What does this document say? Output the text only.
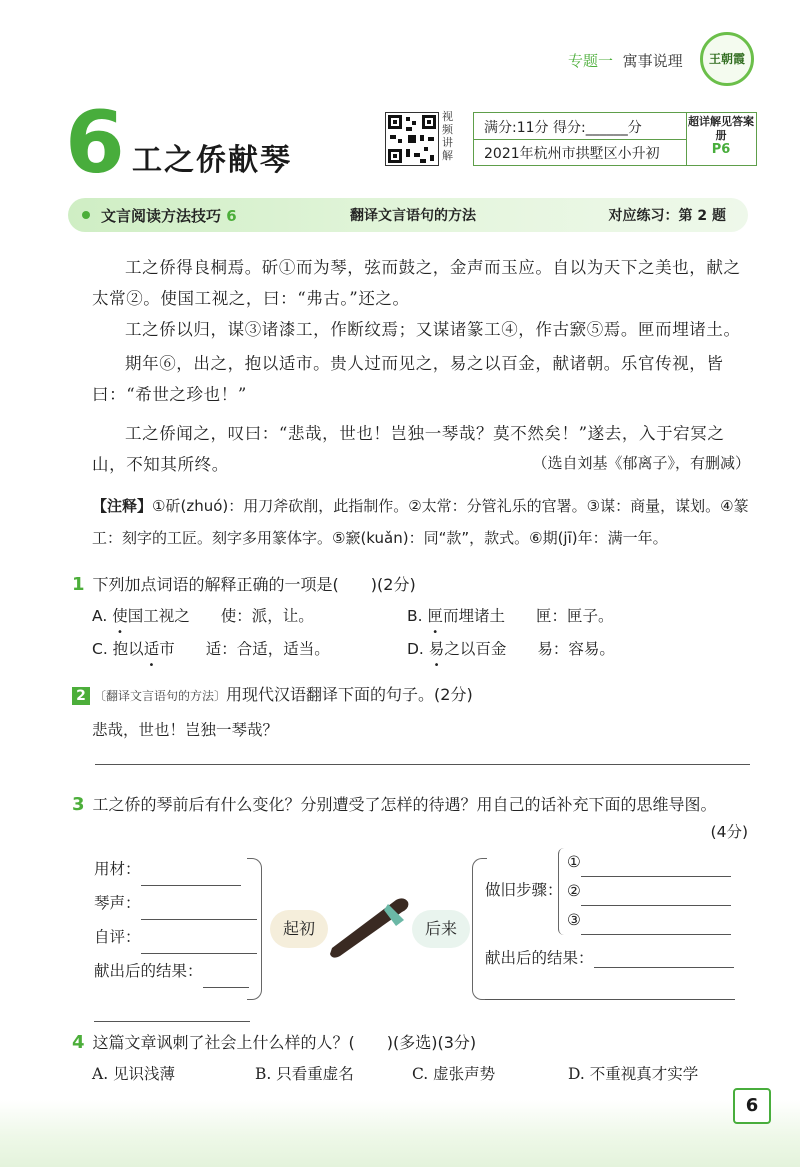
专题一 寓事说理	王朝霞
6 工之侨献琴
视频讲解
满分:11分 得分:______分
2021年杭州市拱墅区小升初
超详解见答案册
P6
文言阅读方法技巧 6	翻译文言语句的方法	对应练习：第 2 题
工之侨得良桐焉。斫①而为琴，弦而鼓之，金声而玉应。自以为天下之美也，献之太常②。使国工视之，曰：“弗古。”还之。
工之侨以归，谋③诸漆工，作断纹焉；又谋诸篆工④，作古窾⑤焉。匣而埋诸土。
期年⑥，出之，抱以适市。贵人过而见之，易之以百金，献诸朝。乐官传视，皆曰：“希世之珍也！”
工之侨闻之，叹曰：“悲哉，世也！岂独一琴哉？莫不然矣！”遂去，入于宕冥之山，不知其所终。	（选自刘基《郁离子》，有删减）
【注释】①斫(zhuó)：用刀斧砍削，此指制作。②太常：分管礼乐的官署。③谋：商量，谋划。④篆工：刻字的工匠。刻字多用篆体字。⑤窾(kuǎn)：同“款”，款式。⑥期(jī)年：满一年。
1 下列加点词语的解释正确的一项是(　　)(2分)
A. 使国工视之　　使：派，让。	B. 匣而埋诸土　　匣：匣子。
C. 抱以适市　　适：合适，适当。	D. 易之以百金　　易：容易。
2 〔翻译文言语句的方法〕用现代汉语翻译下面的句子。(2分)
悲哉，世也！岂独一琴哉？
3 工之侨的琴前后有什么变化？分别遭受了怎样的待遇？用自己的话补充下面的思维导图。
(4分)
用材：
琴声：
自评：
献出后的结果：
起初	后来
做旧步骤：
①
②
③
献出后的结果：
4 这篇文章讽刺了社会上什么样的人？(　　)(多选)(3分)
A. 见识浅薄	B. 只看重虚名	C. 虚张声势	D. 不重视真才实学
6
